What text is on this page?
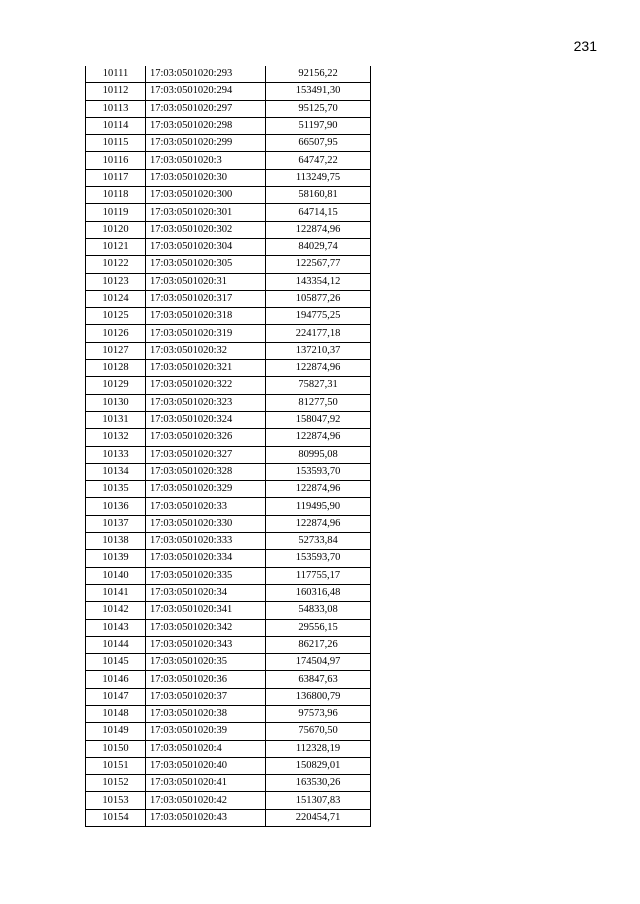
231
10111	17:03:0501020:293	92156,22
10112	17:03:0501020:294	153491,30
10113	17:03:0501020:297	95125,70
10114	17:03:0501020:298	51197,90
10115	17:03:0501020:299	66507,95
10116	17:03:0501020:3	64747,22
10117	17:03:0501020:30	113249,75
10118	17:03:0501020:300	58160,81
10119	17:03:0501020:301	64714,15
10120	17:03:0501020:302	122874,96
10121	17:03:0501020:304	84029,74
10122	17:03:0501020:305	122567,77
10123	17:03:0501020:31	143354,12
10124	17:03:0501020:317	105877,26
10125	17:03:0501020:318	194775,25
10126	17:03:0501020:319	224177,18
10127	17:03:0501020:32	137210,37
10128	17:03:0501020:321	122874,96
10129	17:03:0501020:322	75827,31
10130	17:03:0501020:323	81277,50
10131	17:03:0501020:324	158047,92
10132	17:03:0501020:326	122874,96
10133	17:03:0501020:327	80995,08
10134	17:03:0501020:328	153593,70
10135	17:03:0501020:329	122874,96
10136	17:03:0501020:33	119495,90
10137	17:03:0501020:330	122874,96
10138	17:03:0501020:333	52733,84
10139	17:03:0501020:334	153593,70
10140	17:03:0501020:335	117755,17
10141	17:03:0501020:34	160316,48
10142	17:03:0501020:341	54833,08
10143	17:03:0501020:342	29556,15
10144	17:03:0501020:343	86217,26
10145	17:03:0501020:35	174504,97
10146	17:03:0501020:36	63847,63
10147	17:03:0501020:37	136800,79
10148	17:03:0501020:38	97573,96
10149	17:03:0501020:39	75670,50
10150	17:03:0501020:4	112328,19
10151	17:03:0501020:40	150829,01
10152	17:03:0501020:41	163530,26
10153	17:03:0501020:42	151307,83
10154	17:03:0501020:43	220454,71
